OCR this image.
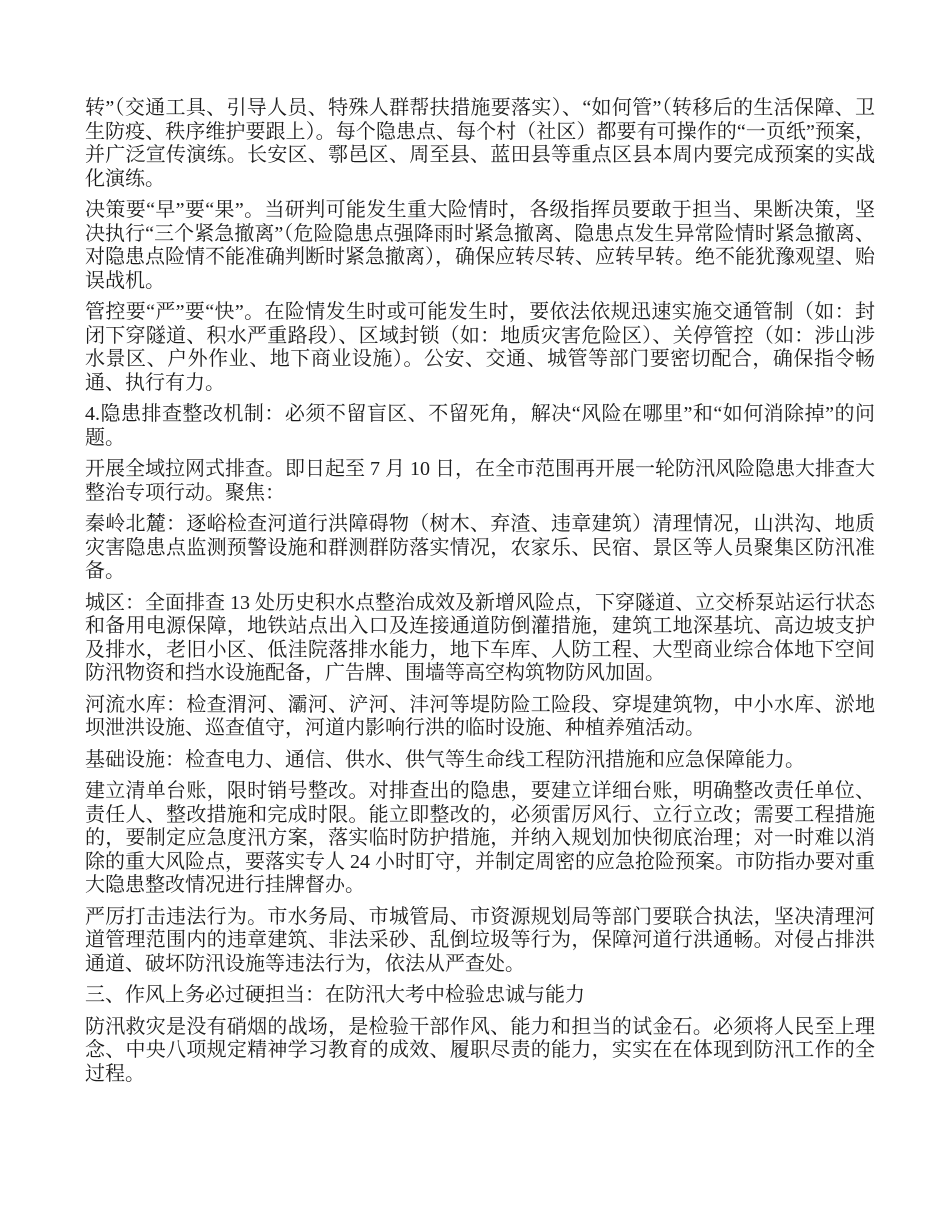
转”（交通工具、引导人员、特殊人群帮扶措施要落实）、“如何管”（转移后的生活保障、卫生防疫、秩序维护要跟上）。每个隐患点、每个村（社区）都要有可操作的“一页纸”预案，并广泛宣传演练。长安区、鄠邑区、周至县、蓝田县等重点区县本周内要完成预案的实战化演练。

决策要“早”要“果”。当研判可能发生重大险情时，各级指挥员要敢于担当、果断决策，坚决执行“三个紧急撤离”（危险隐患点强降雨时紧急撤离、隐患点发生异常险情时紧急撤离、对隐患点险情不能准确判断时紧急撤离），确保应转尽转、应转早转。绝不能犹豫观望、贻误战机。

管控要“严”要“快”。在险情发生时或可能发生时，要依法依规迅速实施交通管制（如：封闭下穿隧道、积水严重路段）、区域封锁（如：地质灾害危险区）、关停管控（如：涉山涉水景区、户外作业、地下商业设施）。公安、交通、城管等部门要密切配合，确保指令畅通、执行有力。

4.隐患排查整改机制：必须不留盲区、不留死角，解决“风险在哪里”和“如何消除掉”的问题。

开展全域拉网式排查。即日起至 7 月 10 日，在全市范围再开展一轮防汛风险隐患大排查大整治专项行动。聚焦：

秦岭北麓：逐峪检查河道行洪障碍物（树木、弃渣、违章建筑）清理情况，山洪沟、地质灾害隐患点监测预警设施和群测群防落实情况，农家乐、民宿、景区等人员聚集区防汛准备。

城区：全面排查 13 处历史积水点整治成效及新增风险点，下穿隧道、立交桥泵站运行状态和备用电源保障，地铁站点出入口及连接通道防倒灌措施，建筑工地深基坑、高边坡支护及排水，老旧小区、低洼院落排水能力，地下车库、人防工程、大型商业综合体地下空间防汛物资和挡水设施配备，广告牌、围墙等高空构筑物防风加固。

河流水库：检查渭河、灞河、浐河、沣河等堤防险工险段、穿堤建筑物，中小水库、淤地坝泄洪设施、巡查值守，河道内影响行洪的临时设施、种植养殖活动。

基础设施：检查电力、通信、供水、供气等生命线工程防汛措施和应急保障能力。

建立清单台账，限时销号整改。对排查出的隐患，要建立详细台账，明确整改责任单位、责任人、整改措施和完成时限。能立即整改的，必须雷厉风行、立行立改；需要工程措施的，要制定应急度汛方案，落实临时防护措施，并纳入规划加快彻底治理；对一时难以消除的重大风险点，要落实专人 24 小时盯守，并制定周密的应急抢险预案。市防指办要对重大隐患整改情况进行挂牌督办。

严厉打击违法行为。市水务局、市城管局、市资源规划局等部门要联合执法，坚决清理河道管理范围内的违章建筑、非法采砂、乱倒垃圾等行为，保障河道行洪通畅。对侵占排洪通道、破坏防汛设施等违法行为，依法从严查处。

三、作风上务必过硬担当：在防汛大考中检验忠诚与能力

防汛救灾是没有硝烟的战场，是检验干部作风、能力和担当的试金石。必须将人民至上理念、中央八项规定精神学习教育的成效、履职尽责的能力，实实在在体现到防汛工作的全过程。
